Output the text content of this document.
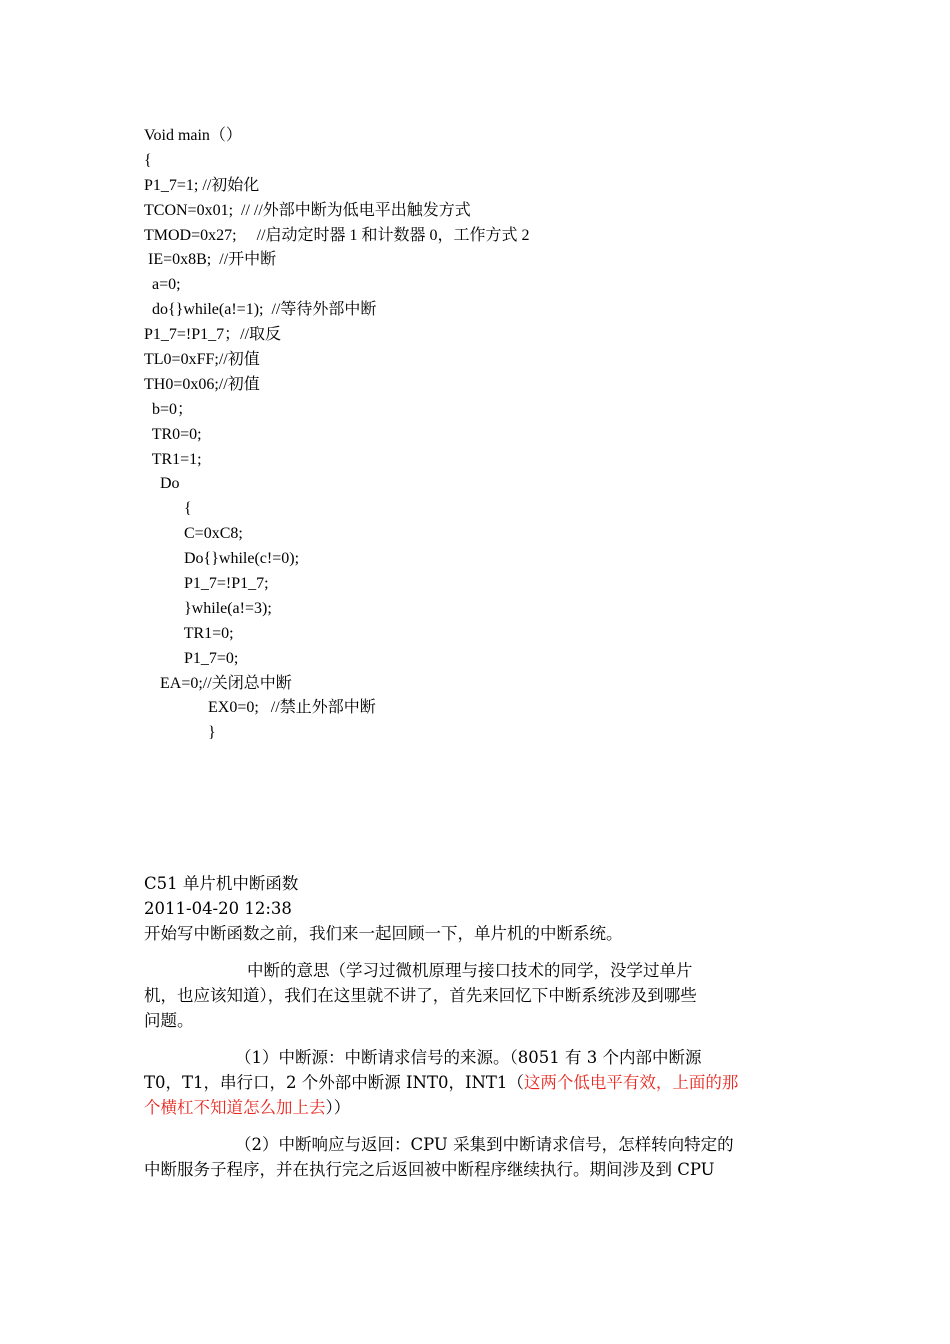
Void main（）
{
P1_7=1; //初始化
TCON=0x01;  // //外部中断为低电平出触发方式
TMOD=0x27;     //启动定时器 1 和计数器 0，工作方式 2
IE=0x8B;  //开中断
a=0;
do{}while(a!=1);  //等待外部中断
P1_7=!P1_7；//取反
TL0=0xFF;//初值
TH0=0x06;//初值
b=0；
TR0=0;
TR1=1;
Do
{
C=0xC8;
Do{}while(c!=0);
P1_7=!P1_7;
}while(a!=3);
TR1=0;
P1_7=0;
EA=0;//关闭总中断
EX0=0;   //禁止外部中断
}

C51 单片机中断函数

2011-04-20 12:38

开始写中断函数之前，我们来一起回顾一下，单片机的中断系统。

中断的意思（学习过微机原理与接口技术的同学，没学过单片

机，也应该知道），我们在这里就不讲了，首先来回忆下中断系统涉及到哪些

问题。

（1）中断源：中断请求信号的来源。（8051 有 3 个内部中断源

T0，T1，串行口，2 个外部中断源 INT0，INT1（这两个低电平有效，上面的那

个横杠不知道怎么加上去））

（2）中断响应与返回：CPU 采集到中断请求信号，怎样转向特定的

中断服务子程序，并在执行完之后返回被中断程序继续执行。期间涉及到 CPU
